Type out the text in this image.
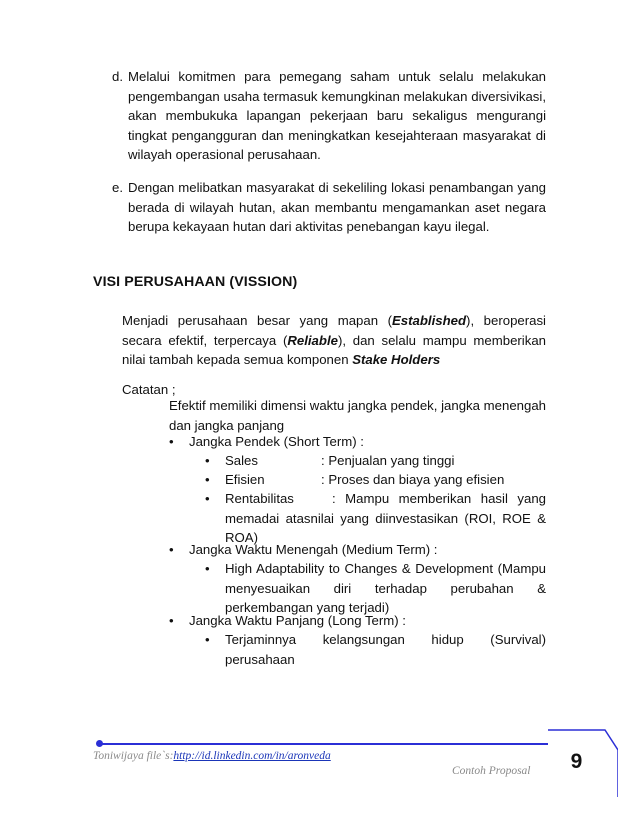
d. Melalui komitmen para pemegang saham untuk selalu melakukan pengembangan usaha termasuk kemungkinan melakukan diversivikasi, akan membukuka lapangan pekerjaan baru sekaligus mengurangi tingkat pengangguran dan meningkatkan kesejahteraan masyarakat di wilayah operasional perusahaan.
e. Dengan melibatkan masyarakat di sekeliling lokasi penambangan yang berada di wilayah hutan, akan membantu mengamankan aset negara berupa kekayaan hutan dari aktivitas penebangan kayu ilegal.
VISI PERUSAHAAN (VISSION)
Menjadi perusahaan besar yang mapan (Established), beroperasi secara efektif, terpercaya (Reliable), dan selalu mampu memberikan nilai tambah kepada semua komponen Stake Holders
Catatan ;
Efektif memiliki dimensi waktu jangka pendek, jangka menengah dan jangka panjang
• Jangka Pendek (Short Term) :
• Sales	: Penjualan yang tinggi
• Efisien	: Proses dan biaya yang efisien
• Rentabilitas	: Mampu memberikan hasil yang memadai atasnilai yang diinvestasikan (ROI, ROE & ROA)
• Jangka Waktu Menengah (Medium Term) :
• High Adaptability to Changes & Development (Mampu menyesuaikan diri terhadap perubahan & perkembangan yang terjadi)
• Jangka Waktu Panjang (Long Term) :
• Terjaminnya kelangsungan hidup (Survival) perusahaan
Toniwijaya file`s:http://id.linkedin.com/in/aronveda
Contoh Proposal	9
